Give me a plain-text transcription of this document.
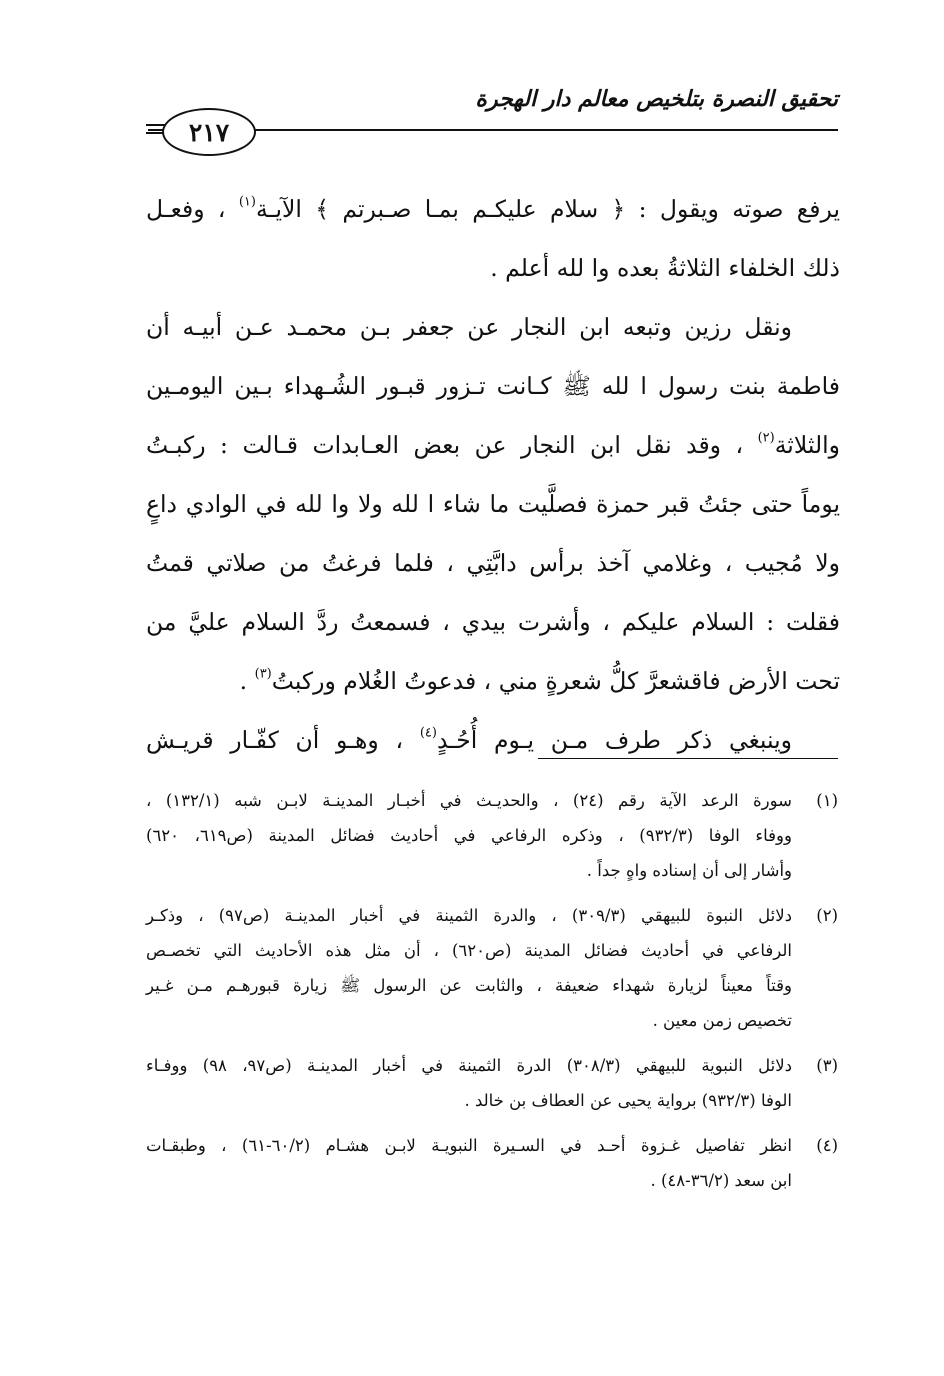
تحقيق النصرة بتلخيص معالم دار الهجرة
٢١٧

يرفع صوته ويقول : ﴿ سلام عليكـم بمـا صـبرتم ﴾ الآيـة$^{(١)}$ ، وفعـل
ذلك الخلفاء الثلاثةُ بعده وا لله أعلم .

ونقل رزين وتبعه ابن النجار عن جعفر بـن محمـد عـن أبيـه أن
فاطمة بنت رسول ا لله ﷺ كـانت تـزور قبـور الشُـهداء بـين اليومـين
والثلاثة$^{(٢)}$ ، وقد نقل ابن النجار عن بعض العـابدات قـالت : ركبـتُ
يوماً حتى جئتُ قبر حمزة فصلَّيت ما شاء ا لله ولا وا لله في الوادي داعٍ
ولا مُجيب ، وغلامي آخذ برأس دابَّتِي ، فلما فرغتُ من صلاتي قمتُ
فقلت : السلام عليكم ، وأشرت بيدي ، فسمعتُ ردَّ السلام عليَّ من
تحت الأرض فاقشعرَّ كلُّ شعرةٍ مني ، فدعوتُ الغُلام وركبتُ$^{(٣)}$ .

وينبغي ذكر طرف مـن يـوم أُحُـدٍ$^{(٤)}$ ، وهـو أن كفّـار قريـش

(١)
سورة الرعد الآية رقم (٢٤) ، والحديـث في أخبـار المدينـة لابـن شبه (١٣٢/١) ،
ووفاء الوفا (٩٣٢/٣) ، وذكره الرفاعي في أحاديث فضائل المدينة (ص٦١٩، ٦٢٠)
وأشار إلى أن إسناده واهٍ جداً .
(٢)
دلائل النبوة للبيهقي (٣٠٩/٣) ، والدرة الثمينة في أخبار المدينـة (ص٩٧) ، وذكـر
الرفاعي في أحاديث فضائل المدينة (ص٦٢٠) ، أن مثل هذه الأحاديث التي تخصـص
وقتاً معيناً لزيارة شهداء ضعيفة ، والثابت عن الرسول ﷺ زيارة قبورهـم مـن غـير
تخصيص زمن معين .
(٣)
دلائل النبوية للبيهقي (٣٠٨/٣) الدرة الثمينة في أخبار المدينـة (ص٩٧، ٩٨) ووفـاء
الوفا (٩٣٢/٣) برواية يحيى عن العطاف بن خالد .
(٤)
انظر تفاصيل غـزوة أحـد في السـيرة النبويـة لابـن هشـام (٦٠/٢-٦١) ، وطبقـات
ابن سعد (٣٦/٢-٤٨) .
